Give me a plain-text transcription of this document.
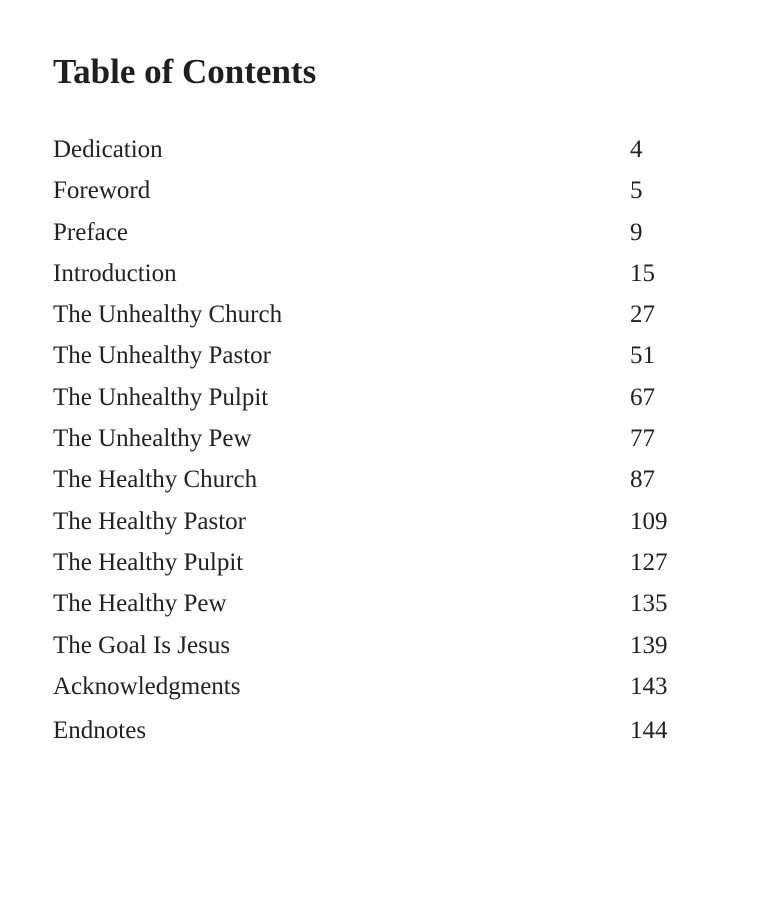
Table of Contents
Dedication	4
Foreword	5
Preface	9
Introduction	15
The Unhealthy Church	27
The Unhealthy Pastor	51
The Unhealthy Pulpit	67
The Unhealthy Pew	77
The Healthy Church	87
The Healthy Pastor	109
The Healthy Pulpit	127
The Healthy Pew	135
The Goal Is Jesus	139
Acknowledgments	143
Endnotes	144
